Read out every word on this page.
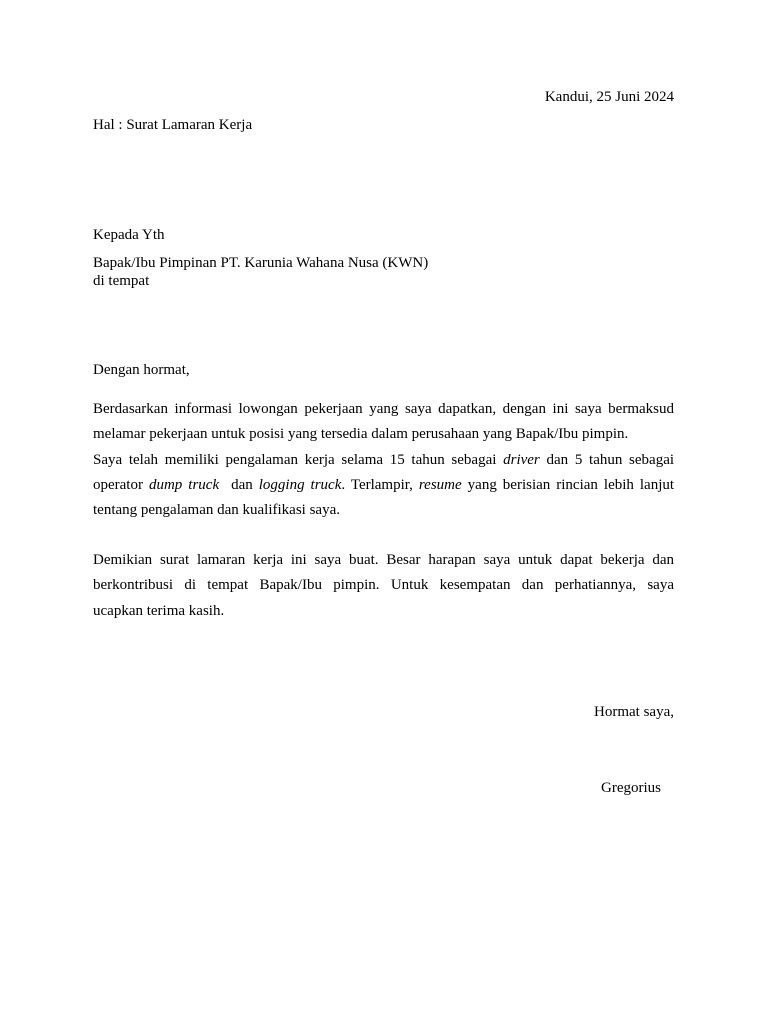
Kandui, 25 Juni 2024
Hal : Surat Lamaran Kerja
Kepada Yth
Bapak/Ibu Pimpinan PT. Karunia Wahana Nusa (KWN)
di tempat
Dengan hormat,
Berdasarkan informasi lowongan pekerjaan yang saya dapatkan, dengan ini saya bermaksud
melamar pekerjaan untuk posisi yang tersedia dalam perusahaan yang Bapak/Ibu pimpin.
Saya telah memiliki pengalaman kerja selama 15 tahun sebagai driver dan 5 tahun sebagai
operator dump truck dan logging truck. Terlampir, resume yang berisian rincian lebih lanjut
tentang pengalaman dan kualifikasi saya.
Demikian surat lamaran kerja ini saya buat. Besar harapan saya untuk dapat bekerja dan
berkontribusi di tempat Bapak/Ibu pimpin. Untuk kesempatan dan perhatiannya, saya
ucapkan terima kasih.
Hormat saya,
Gregorius
